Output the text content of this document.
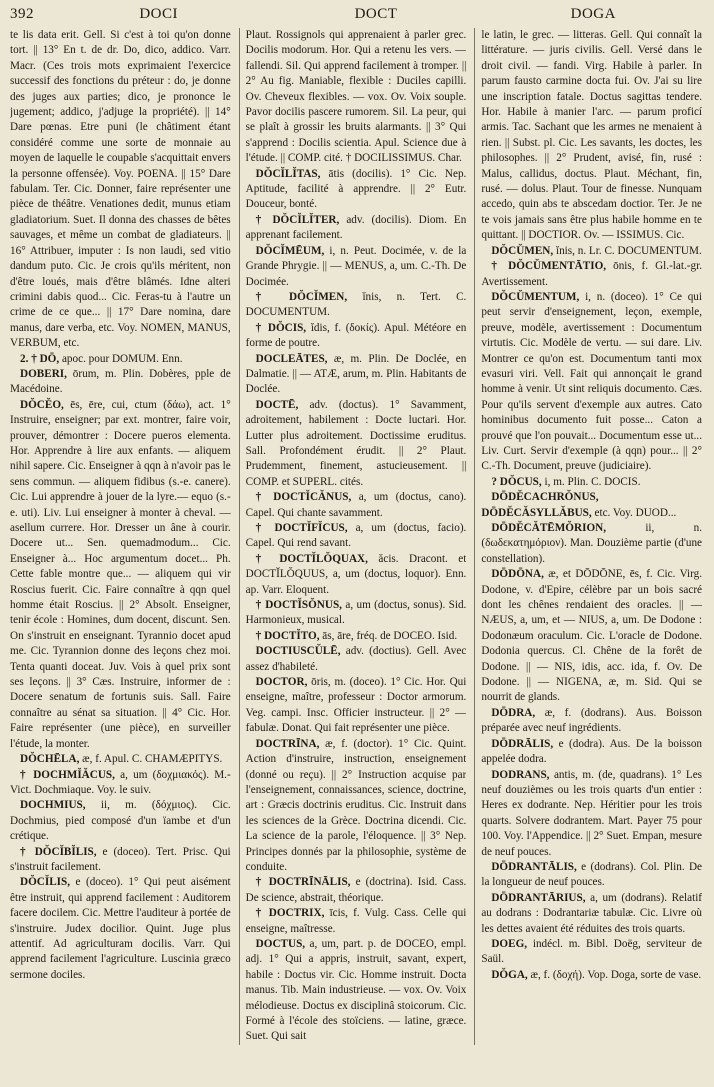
392	DOCI	DOCT	DOGA

te lis data erit. Gell. Si c'est à toi qu'on donne tort. || 13° En t. de dr. Do, dico, addico. Varr. Macr. (Ces trois mots exprimaient l'exercice successif des fonctions du préteur : do, je donne des juges aux parties; dico, je prononce le jugement; addico, j'adjuge la propriété). || 14° Dare pœnas. Etre puni (le châtiment étant considéré comme une sorte de monnaie au moyen de laquelle le coupable s'acquittait envers la personne offensée). Voy. POENA. || 15° Dare fabulam. Ter. Cic. Donner, faire représenter une pièce de théâtre. Venationes dedit, munus etiam gladiatorium. Suet. Il donna des chasses de bêtes sauvages, et même un combat de gladiateurs. || 16° Attribuer, imputer : Is non laudi, sed vitio dandum puto. Cic. Je crois qu'ils méritent, non d'être loués, mais d'être blâmés. Idne alteri crimini dabis quod... Cic. Feras-tu à l'autre un crime de ce que... || 17° Dare nomina, dare manus, dare verba, etc. Voy. NOMEN, MANUS, VERBUM, etc.

2. † DŌ, apoc. pour DOMUM. Enn.

DOBERI, ōrum, m. Plin. Dobères, pple de Macédoine.

DŎCĔO, ēs, ēre, cui, ctum (δάω), act. 1° Instruire, enseigner; par ext. montrer, faire voir, prouver, démontrer : Docere pueros elementa. Hor. Apprendre à lire aux enfants. — aliquem nihil sapere. Cic. Enseigner à qqn à n'avoir pas le sens commun. — aliquem fidibus (s.-e. canere). Cic. Lui apprendre à jouer de la lyre.— equo (s.-e. uti). Liv. Lui enseigner à monter à cheval. — asellum currere. Hor. Dresser un âne à courir. Docere ut... Sen. quemadmodum... Cic. Enseigner à... Hoc argumentum docet... Ph. Cette fable montre que... — aliquem qui vir Roscius fuerit. Cic. Faire connaître à qqn quel homme était Roscius. || 2° Absolt. Enseigner, tenir école : Homines, dum docent, discunt. Sen. On s'instruit en enseignant. Tyrannio docet apud me. Cic. Tyrannion donne des leçons chez moi. Tenta quanti doceat. Juv. Vois à quel prix sont ses leçons. || 3° Cæs. Instruire, informer de : Docere senatum de fortunis suis. Sall. Faire connaître au sénat sa situation. || 4° Cic. Hor. Faire représenter (une pièce), en surveiller l'étude, la monter.

DŎCHĒLA, æ, f. Apul. C. CHAMÆPITYS.

† DOCHMĬĂCUS, a, um (δοχμιακός). M.-Vict. Dochmiaque. Voy. le suiv.

DOCHMIUS, ii, m. (δόχμιος). Cic. Dochmius, pied composé d'un ïambe et d'un crétique.

† DŎCĬBĬLIS, e (doceo). Tert. Prisc. Qui s'instruit facilement.

DŎCĬLIS, e (doceo). 1° Qui peut aisément être instruit, qui apprend facilement : Auditorem facere docilem. Cic. Mettre l'auditeur à portée de s'instruire. Judex docilior. Quint. Juge plus attentif. Ad agriculturam docilis. Varr. Qui apprend facilement l'agriculture. Luscinia græco sermone dociles.

Plaut. Rossignols qui apprenaient à parler grec. Docilis modorum. Hor. Qui a retenu les vers. — fallendi. Sil. Qui apprend facilement à tromper. || 2° Au fig. Maniable, flexible : Duciles capilli. Ov. Cheveux flexibles. — vox. Ov. Voix souple. Pavor docilis pascere rumorem. Sil. La peur, qui se plaît à grossir les bruits alarmants. || 3° Qui s'apprend : Docilis scientia. Apul. Science due à l'étude. || COMP. cité. † DOCILISSIMUS. Char.

DŎCĬLĬTAS, ātis (docilis). 1° Cic. Nep. Aptitude, facilité à apprendre. || 2° Eutr. Douceur, bonté.

† DŎCĬLĬTER, adv. (docilis). Diom. En apprenant facilement.

DŎCĬMĒUM, i, n. Peut. Docimée, v. de la Grande Phrygie. || — MENUS, a, um. C.-Th. De Docimée.

† DŎCĬMEN, ĭnis, n. Tert. C. DOCUMENTUM.

† DŎCIS, ĭdis, f. (δοκίς). Apul. Météore en forme de poutre.

DOCLEĀTES, æ, m. Plin. De Doclée, en Dalmatie. || — ATÆ, arum, m. Plin. Habitants de Doclée.

DOCTĒ, adv. (doctus). 1° Savamment, adroitement, habilement : Docte luctari. Hor. Lutter plus adroitement. Doctissime eruditus. Sall. Profondément érudit. || 2° Plaut. Prudemment, finement, astucieusement. || COMP. et SUPERL. cités.

† DOCTĬCĂNUS, a, um (doctus, cano). Capel. Qui chante savamment.

† DOCTĬFĬCUS, a, um (doctus, facio). Capel. Qui rend savant.

† DOCTĬLŎQUAX, ăcis. Dracont. et DOCTĬLŎQUUS, a, um (doctus, loquor). Enn. ap. Varr. Eloquent.

† DOCTĬSŎNUS, a, um (doctus, sonus). Sid. Harmonieux, musical.

† DOCTĬTO, ās, āre, fréq. de DOCEO. Isid.

DOCTIUSCŬLĒ, adv. (doctius). Gell. Avec assez d'habileté.

DOCTOR, ōris, m. (doceo). 1° Cic. Hor. Qui enseigne, maître, professeur : Doctor armorum. Veg. campi. Insc. Officier instructeur. || 2° — fabulæ. Donat. Qui fait représenter une pièce.

DOCTRĪNA, æ, f. (doctor). 1° Cic. Quint. Action d'instruire, instruction, enseignement (donné ou reçu). || 2° Instruction acquise par l'enseignement, connaissances, science, doctrine, art : Græcis doctrinis eruditus. Cic. Instruit dans les sciences de la Grèce. Doctrina dicendi. Cic. La science de la parole, l'éloquence. || 3° Nep. Principes donnés par la philosophie, système de conduite.

† DOCTRĪNĀLIS, e (doctrina). Isid. Cass. De science, abstrait, théorique.

† DOCTRIX, īcis, f. Vulg. Cass. Celle qui enseigne, maîtresse.

DOCTUS, a, um, part. p. de DOCEO, empl. adj. 1° Qui a appris, instruit, savant, expert, habile : Doctus vir. Cic. Homme instruit. Docta manus. Tib. Main industrieuse. — vox. Ov. Voix mélodieuse. Doctus ex disciplinâ stoicorum. Cic. Formé à l'école des stoïciens. — latine, græce. Suet. Qui sait

le latin, le grec. — litteras. Gell. Qui connaît la littérature. — juris civilis. Gell. Versé dans le droit civil. — fandi. Virg. Habile à parler. In parum fausto carmine docta fui. Ov. J'ai su lire une inscription fatale. Doctus sagittas tendere. Hor. Habile à manier l'arc. — parum proficí armis. Tac. Sachant que les armes ne menaient à rien. || Subst. pl. Cic. Les savants, les doctes, les philosophes. || 2° Prudent, avisé, fin, rusé : Malus, callidus, doctus. Plaut. Méchant, fin, rusé. — dolus. Plaut. Tour de finesse. Nunquam accedo, quin abs te abscedam doctior. Ter. Je ne te vois jamais sans être plus habile homme en te quittant. || DOCTIOR. Ov. — ISSIMUS. Cic.

DŎCŬMEN, ĭnis, n. Lr. C. DOCUMENTUM.

† DŎCŬMENTĀTIO, ōnis, f. Gl.-lat.-gr. Avertissement.

DŎCŬMENTUM, i, n. (doceo). 1° Ce qui peut servir d'enseignement, leçon, exemple, preuve, modèle, avertissement : Documentum virtutis. Cic. Modèle de vertu. — sui dare. Liv. Montrer ce qu'on est. Documentum tanti mox evasuri viri. Vell. Fait qui annonçait le grand homme à venir. Ut sint reliquis documento. Cæs. Pour qu'ils servent d'exemple aux autres. Cato hominibus documento fuit posse... Caton a prouvé que l'on pouvait... Documentum esse ut... Liv. Curt. Servir d'exemple (à qqn) pour... || 2° C.-Th. Document, preuve (judiciaire).

? DŎCUS, i, m. Plin. C. DOCIS.

DŌDĔCACHRŎNUS, DŌDĔCĂSYLLĂBUS, etc. Voy. DUOD...

DŌDĔCĂTĒMŎRION,	ii, n. (δωδεκατημόριον). Man. Douzième partie (d'une constellation).

DŌDŌNA, æ, et DŌDŌNE, ēs, f. Cic. Virg. Dodone, v. d'Epire, célèbre par un bois sacré dont les chênes rendaient des oracles. || — NÆUS, a, um, et — NIUS, a, um. De Dodone : Dodonæum oraculum. Cic. L'oracle de Dodone. Dodonia quercus. Cl. Chêne de la forêt de Dodone. || — NIS, idis, acc. ida, f. Ov. De Dodone. || — NIGENA, æ, m. Sid. Qui se nourrit de glands.

DŌDRA, æ, f. (dodrans). Aus. Boisson préparée avec neuf ingrédients.

DŌDRĀLIS, e (dodra). Aus. De la boisson appelée dodra.

DODRANS, antis, m. (de, quadrans). 1° Les neuf douzièmes ou les trois quarts d'un entier : Heres ex dodrante. Nep. Héritier pour les trois quarts. Solvere dodrantem. Mart. Payer 75 pour 100. Voy. l'Appendice. || 2° Suet. Empan, mesure de neuf pouces.

DŌDRANTĀLIS, e (dodrans). Col. Plin. De la longueur de neuf pouces.

DŌDRANTĀRIUS, a, um (dodrans). Relatif au dodrans : Dodrantariæ tabulæ. Cic. Livre où les dettes avaient été réduites des trois quarts.

DOEG, indécl. m. Bibl. Doëg, serviteur de Saül.

DŎGA, æ, f. (δοχή). Vop. Doga, sorte de vase.
